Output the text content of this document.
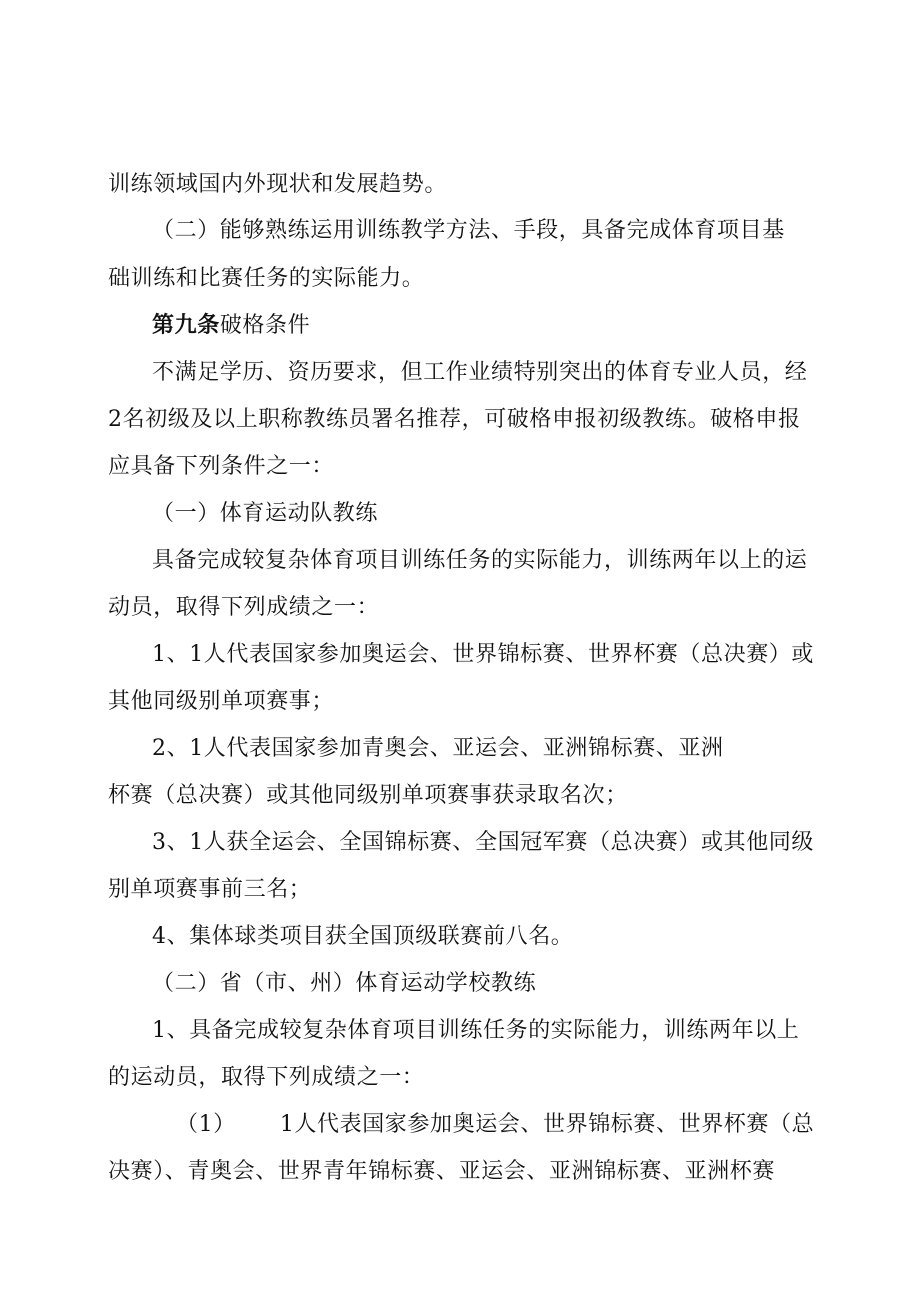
训练领域国内外现状和发展趋势。
（二）能够熟练运用训练教学方法、手段，具备完成体育项目基
础训练和比赛任务的实际能力。
第九条破格条件
不满足学历、资历要求，但工作业绩特别突出的体育专业人员，经
2名初级及以上职称教练员署名推荐，可破格申报初级教练。破格申报
应具备下列条件之一：
（一）体育运动队教练
具备完成较复杂体育项目训练任务的实际能力，训练两年以上的运
动员，取得下列成绩之一：
1、1人代表国家参加奥运会、世界锦标赛、世界杯赛（总决赛）或
其他同级别单项赛事；
2、1人代表国家参加青奥会、亚运会、亚洲锦标赛、亚洲
杯赛（总决赛）或其他同级别单项赛事获录取名次；
3、1人获全运会、全国锦标赛、全国冠军赛（总决赛）或其他同级
别单项赛事前三名；
4、集体球类项目获全国顶级联赛前八名。
（二）省（市、州）体育运动学校教练
1、具备完成较复杂体育项目训练任务的实际能力，训练两年以上
的运动员，取得下列成绩之一：
（1） 1人代表国家参加奥运会、世界锦标赛、世界杯赛（总
决赛）、青奥会、世界青年锦标赛、亚运会、亚洲锦标赛、亚洲杯赛
